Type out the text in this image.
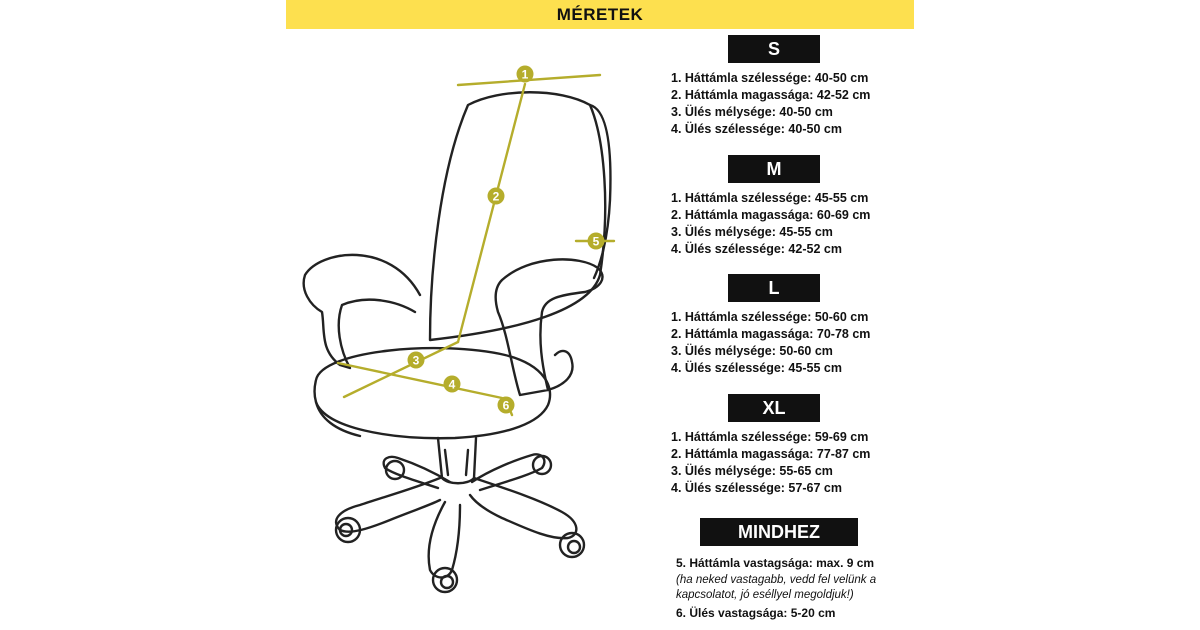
MÉRETEK
1
2
3
4
5
6
S
1. Háttámla szélessége: 40-50 cm
2. Háttámla magassága: 42-52 cm
3. Ülés mélysége: 40-50 cm
4. Ülés szélessége: 40-50 cm
M
1. Háttámla szélessége: 45-55 cm
2. Háttámla magassága: 60-69 cm
3. Ülés mélysége: 45-55 cm
4. Ülés szélessége: 42-52 cm
L
1. Háttámla szélessége: 50-60 cm
2. Háttámla magassága: 70-78 cm
3. Ülés mélysége: 50-60 cm
4. Ülés szélessége: 45-55 cm
XL
1. Háttámla szélessége: 59-69 cm
2. Háttámla magassága: 77-87 cm
3. Ülés mélysége: 55-65 cm
4. Ülés szélessége: 57-67 cm
MINDHEZ
5. Háttámla vastagsága: max. 9 cm
(ha neked vastagabb, vedd fel velünk a kapcsolatot, jó eséllyel megoldjuk!)
6. Ülés vastagsága: 5-20 cm
